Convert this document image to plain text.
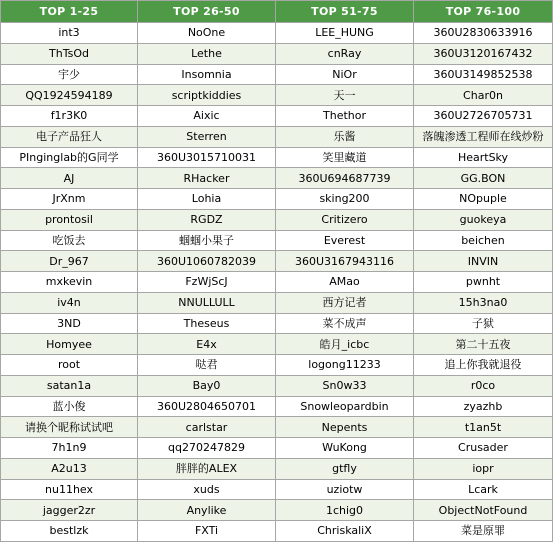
TOP 1-25	TOP 26-50	TOP 51-75	TOP 76-100
int3	NoOne	LEE_HUNG	360U2830633916
ThTsOd	Lethe	cnRay	360U3120167432
宇少	Insomnia	NiOr	360U3149852538
QQ1924594189	scriptkiddies	天一	Char0n
f1r3K0	Aixic	Thethor	360U2726705731
电子产品狂人	Sterren	乐酱	落魄渗透工程师在线炒粉
PInginglab的G同学	360U3015710031	笑里藏道	HeartSky
AJ	RHacker	360U694687739	GG.BON
JrXnm	Lohia	sking200	NOpuple
prontosil	RGDZ	Critizero	guokeya
吃饭去	蝈蝈小果子	Everest	beichen
Dr_967	360U1060782039	360U3167943116	INVIN
mxkevin	FzWjScJ	AMao	pwnht
iv4n	NNULLULL	西方记者	15h3na0
3ND	Theseus	菜不成声	子狱
Homyee	E4x	皓月_icbc	第二十五夜
root	哒君	logong11233	追上你我就退役
satan1a	Bay0	Sn0w33	r0co
蓝小俊	360U2804650701	Snowleopardbin	zyazhb
请换个昵称试试吧	carlstar	Nepents	t1an5t
7h1n9	qq270247829	WuKong	Crusader
A2u13	胖胖的ALEX	gtfly	iopr
nu11hex	xuds	uziotw	Lcark
jagger2zr	Anylike	1chig0	ObjectNotFound
bestlzk	FXTi	ChriskaliX	菜是原罪
